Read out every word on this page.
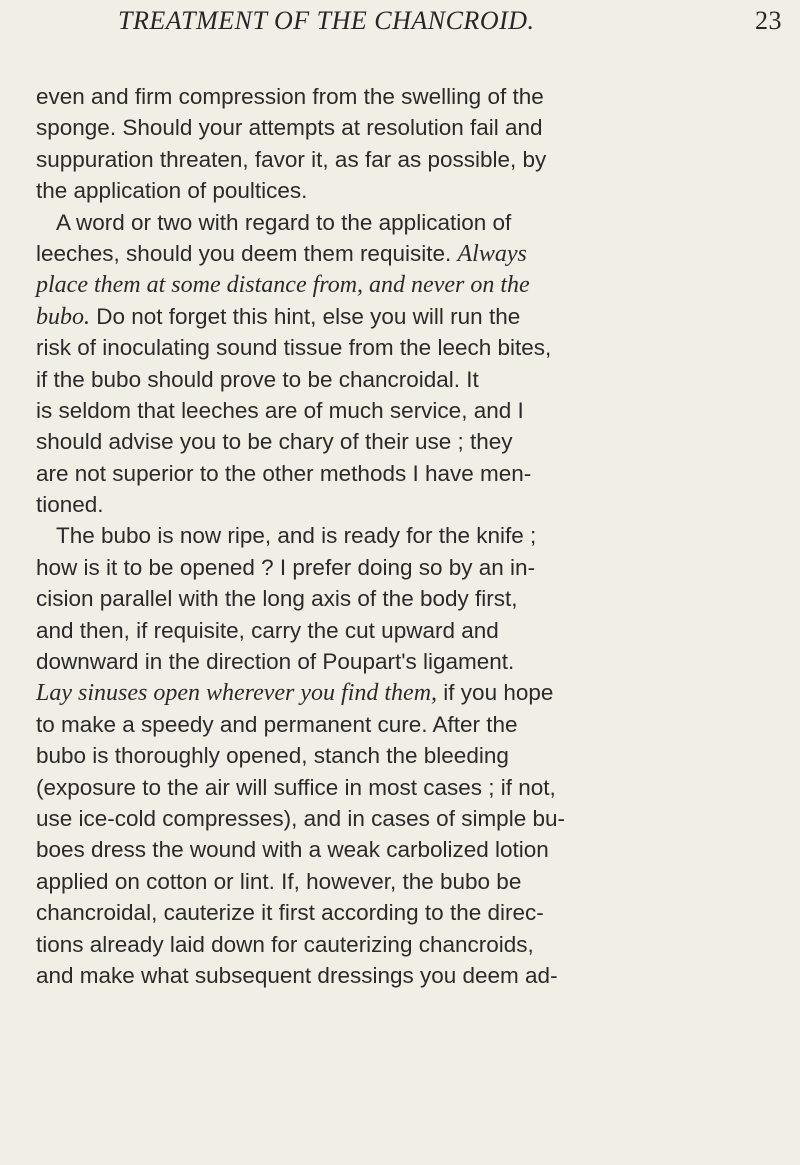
TREATMENT OF THE CHANCROID.	23
even and firm compression from the swelling of the
sponge. Should your attempts at resolution fail and
suppuration threaten, favor it, as far as possible, by
the application of poultices.
A word or two with regard to the application of
leeches, should you deem them requisite. Always
place them at some distance from, and never on the
bubo. Do not forget this hint, else you will run the
risk of inoculating sound tissue from the leech bites,
if the bubo should prove to be chancroidal. It
is seldom that leeches are of much service, and I
should advise you to be chary of their use ; they
are not superior to the other methods I have men-
tioned.
The bubo is now ripe, and is ready for the knife ;
how is it to be opened ? I prefer doing so by an in-
cision parallel with the long axis of the body first,
and then, if requisite, carry the cut upward and
downward in the direction of Poupart's ligament.
Lay sinuses open wherever you find them, if you hope
to make a speedy and permanent cure. After the
bubo is thoroughly opened, stanch the bleeding
(exposure to the air will suffice in most cases ; if not,
use ice-cold compresses), and in cases of simple bu-
boes dress the wound with a weak carbolized lotion
applied on cotton or lint. If, however, the bubo be
chancroidal, cauterize it first according to the direc-
tions already laid down for cauterizing chancroids,
and make what subsequent dressings you deem ad-
